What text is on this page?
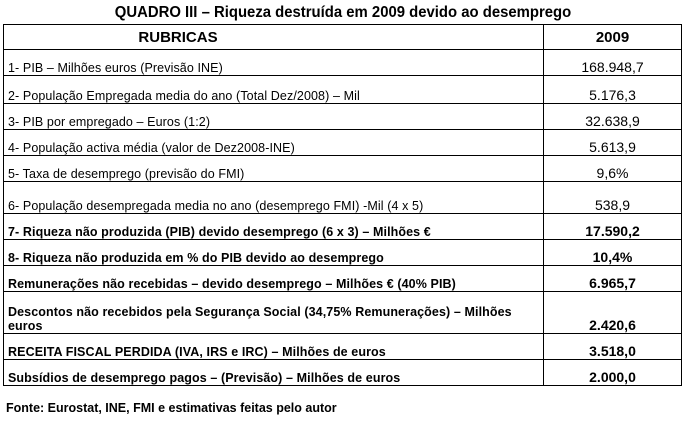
QUADRO III – Riqueza destruída em 2009 devido ao desemprego
RUBRICAS	2009
1- PIB – Milhões euros (Previsão INE)	168.948,7
2- População Empregada media do ano (Total Dez/2008) – Mil	5.176,3
3- PIB por empregado – Euros (1:2)	32.638,9
4- População activa média (valor de Dez2008-INE)	5.613,9
5- Taxa de desemprego (previsão do FMI)	9,6%
6- População desempregada media no ano (desemprego FMI) -Mil (4 x 5)	538,9
7- Riqueza não produzida (PIB) devido desemprego (6 x 3) – Milhões €	17.590,2
8- Riqueza não produzida em % do PIB devido ao desemprego	10,4%
Remunerações não recebidas – devido desemprego – Milhões € (40% PIB)	6.965,7
Descontos não recebidos pela Segurança Social (34,75% Remunerações) – Milhões euros	2.420,6
RECEITA FISCAL PERDIDA (IVA, IRS e IRC) – Milhões de euros	3.518,0
Subsídios de desemprego pagos – (Previsão) – Milhões de euros	2.000,0
Fonte: Eurostat, INE, FMI e estimativas feitas pelo autor
